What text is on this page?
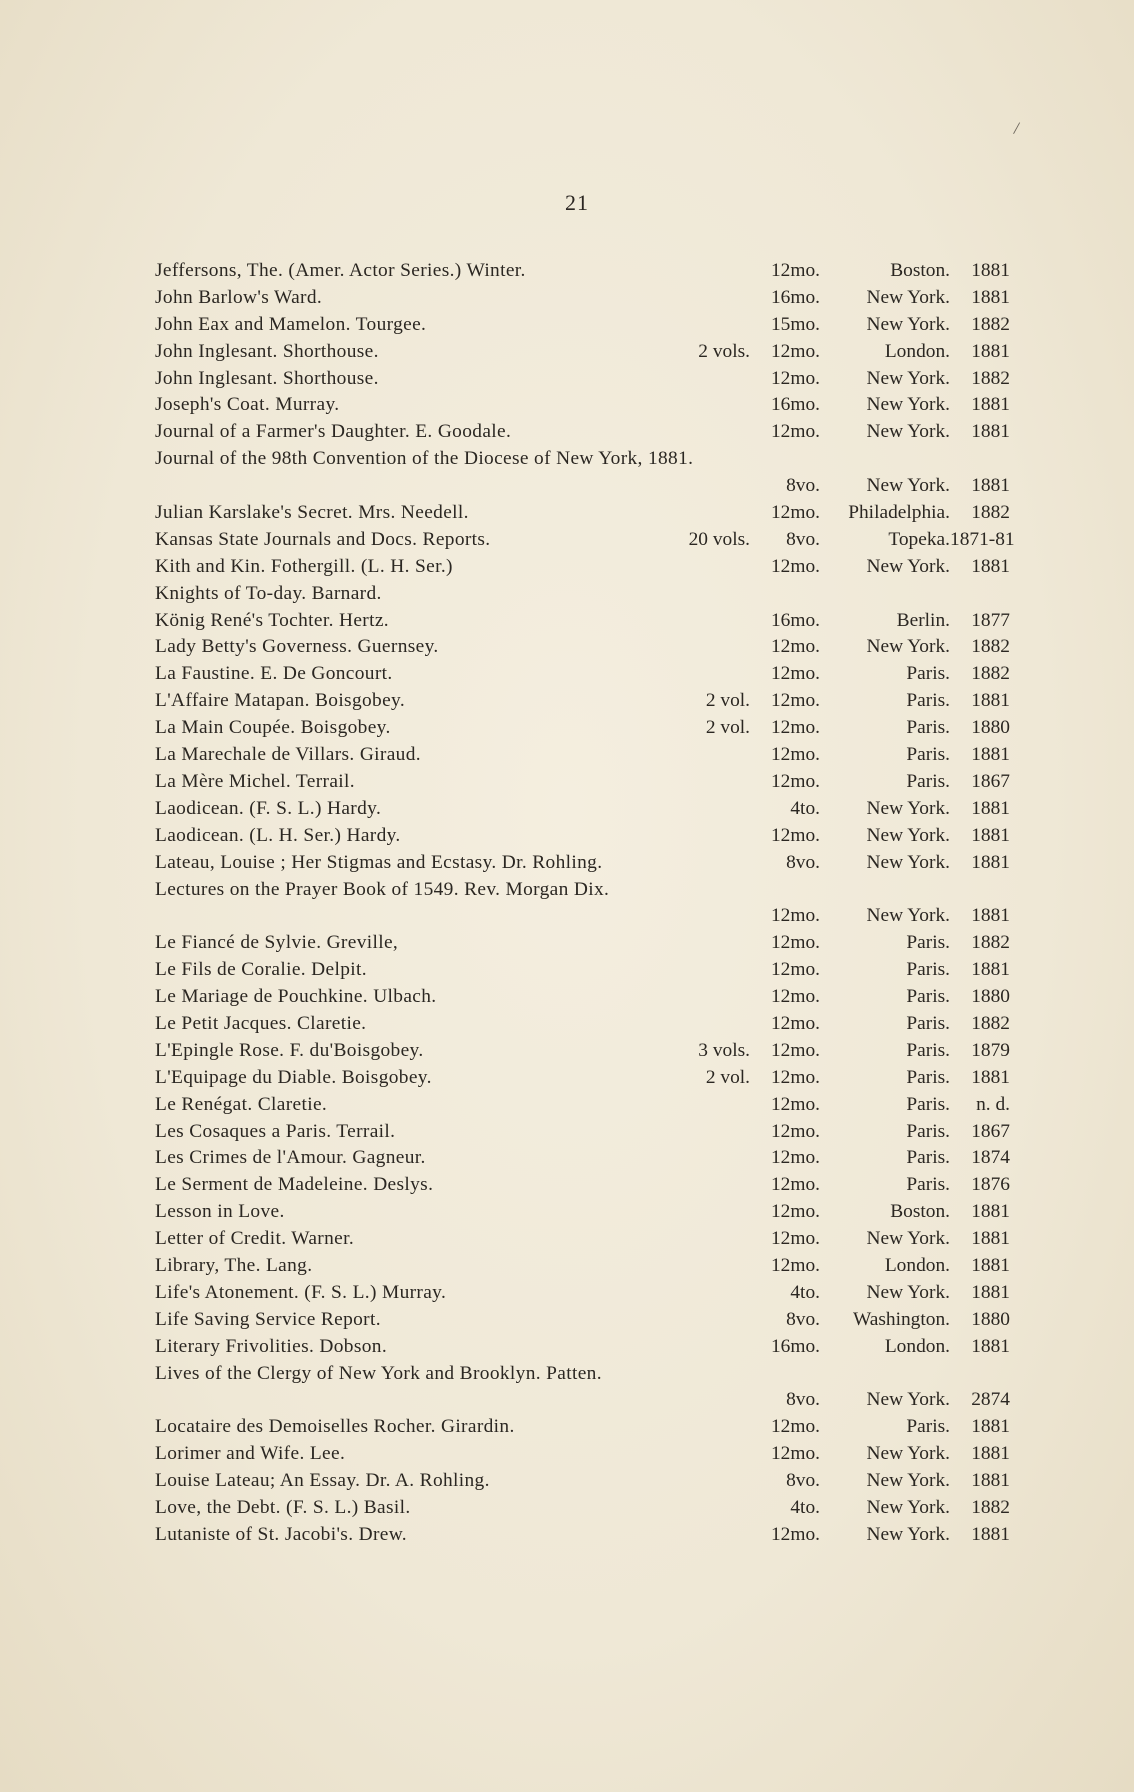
/
21
Jeffersons, The. (Amer. Actor Series.) Winter.	12mo.	Boston. 1881
John Barlow's Ward.	16mo. New York. 1881
John Eax and Mamelon. Tourgee.	15mo. New York. 1882
John Inglesant. Shorthouse.	2 vols. 12mo.	London. 1881
John Inglesant. Shorthouse.	12mo. New York. 1882
Joseph's Coat. Murray.	16mo. New York. 1881
Journal of a Farmer's Daughter. E. Goodale.	12mo. New York. 1881
Journal of the 98th Convention of the Diocese of New York, 1881.
8vo. New York. 1881
Julian Karslake's Secret. Mrs. Needell.	12mo. Philadelphia. 1882
Kansas State Journals and Docs. Reports.	20 vols. 8vo.	Topeka.1871-81
Kith and Kin. Fothergill. (L. H. Ser.)	12mo. New York. 1881
Knights of To-day. Barnard.
König René's Tochter. Hertz.	16mo.	Berlin. 1877
Lady Betty's Governess. Guernsey.	12mo. New York. 1882
La Faustine. E. De Goncourt.	12mo.	Paris. 1882
L'Affaire Matapan. Boisgobey.	2 vol. 12mo.	Paris. 1881
La Main Coupée. Boisgobey.	2 vol. 12mo.	Paris. 1880
La Marechale de Villars. Giraud.	12mo.	Paris. 1881
La Mère Michel. Terrail.	12mo.	Paris. 1867
Laodicean. (F. S. L.) Hardy.	4to. New York. 1881
Laodicean. (L. H. Ser.) Hardy.	12mo. New York. 1881
Lateau, Louise ; Her Stigmas and Ecstasy. Dr. Rohling.	8vo. New York. 1881
Lectures on the Prayer Book of 1549. Rev. Morgan Dix.
12mo. New York. 1881
Le Fiancé de Sylvie. Greville,	12mo.	Paris. 1882
Le Fils de Coralie. Delpit.	12mo.	Paris. 1881
Le Mariage de Pouchkine. Ulbach.	12mo.	Paris. 1880
Le Petit Jacques. Claretie.	12mo.	Paris. 1882
L'Epingle Rose. F. du'Boisgobey.	3 vols. 12mo.	Paris. 1879
L'Equipage du Diable. Boisgobey.	2 vol. 12mo.	Paris. 1881
Le Renégat. Claretie.	12mo.	Paris. n. d.
Les Cosaques a Paris. Terrail.	12mo.	Paris. 1867
Les Crimes de l'Amour. Gagneur.	12mo.	Paris. 1874
Le Serment de Madeleine. Deslys.	12mo.	Paris. 1876
Lesson in Love.	12mo.	Boston. 1881
Letter of Credit. Warner.	12mo. New York. 1881
Library, The. Lang.	12mo.	London. 1881
Life's Atonement. (F. S. L.) Murray.	4to. New York. 1881
Life Saving Service Report.	8vo. Washington. 1880
Literary Frivolities. Dobson.	16mo.	London. 1881
Lives of the Clergy of New York and Brooklyn. Patten.
8vo. New York. 2874
Locataire des Demoiselles Rocher. Girardin.	12mo.	Paris. 1881
Lorimer and Wife. Lee.	12mo. New York. 1881
Louise Lateau; An Essay. Dr. A. Rohling.	8vo. New York. 1881
Love, the Debt. (F. S. L.) Basil.	4to. New York. 1882
Lutaniste of St. Jacobi's. Drew.	12mo. New York. 1881
